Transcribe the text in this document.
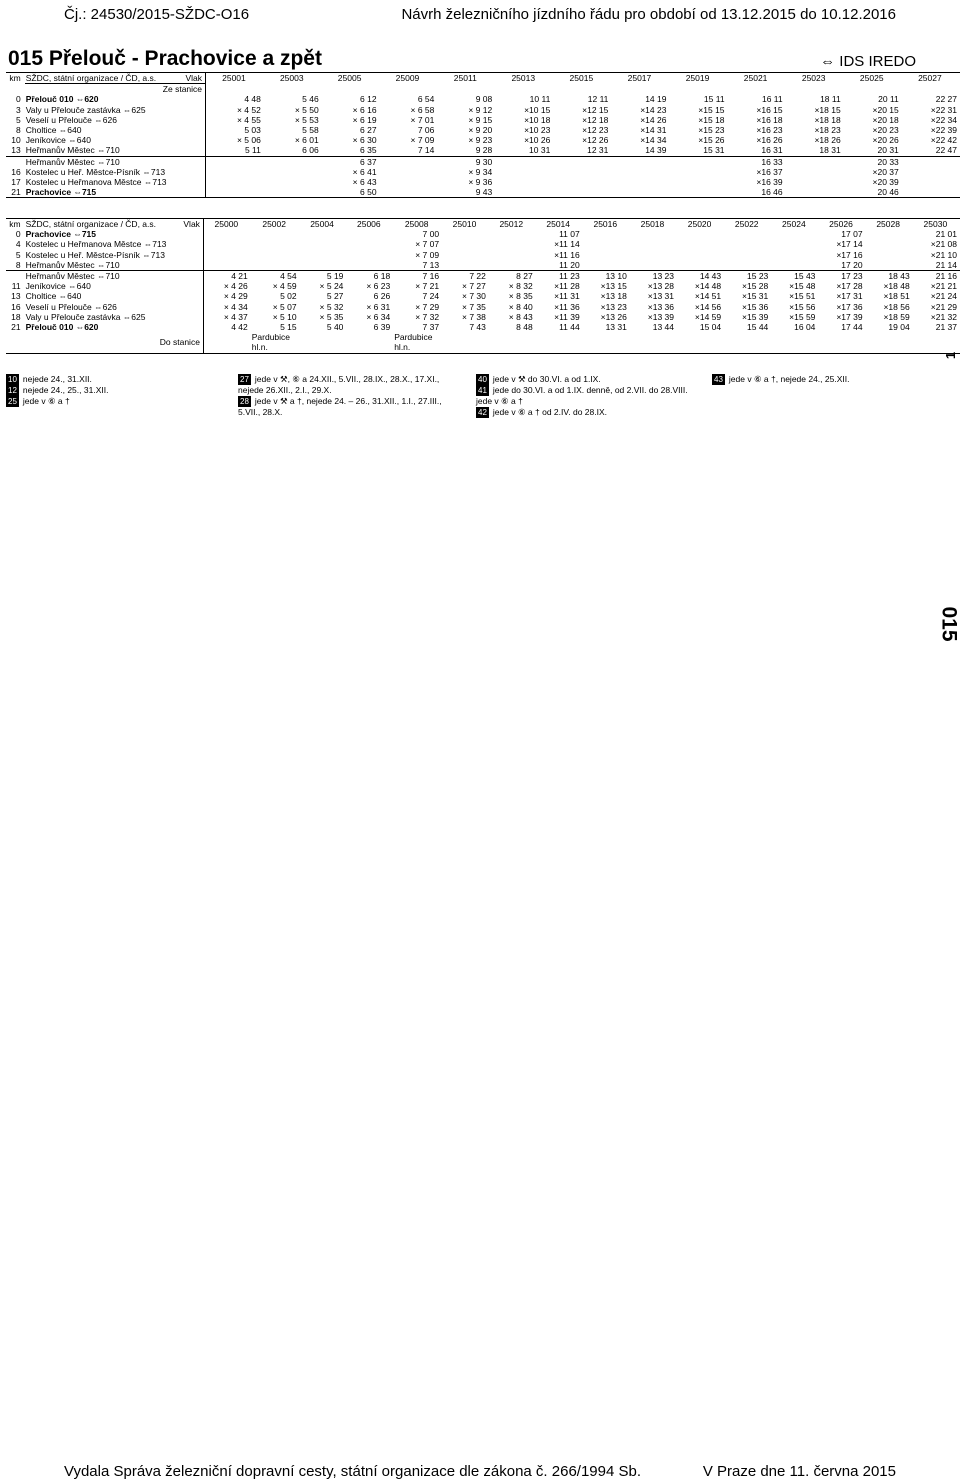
Čj.: 24530/2015-SŽDC-O16	Návrh železničního jízdního řádu pro období od 13.12.2015 do 10.12.2016
015 Přelouč - Prachovice a zpět	⇔ IDS IREDO
km	SŽDC, státní organizace / ČD, a.s. Vlak	25001	25003	25005	25009	25011	25013	25015	25017	25019	25021	25023	25025	25027
	Ze stanice													
0	Přelouč 010 ⇔620	4 48	5 46	6 12	6 54	9 08	10 11	12 11	14 19	15 11	16 11	18 11	20 11	22 27
3	Valy u Přelouče zastávka ⇔625	× 4 52	× 5 50	× 6 16	× 6 58	× 9 12	×10 15	×12 15	×14 23	×15 15	×16 15	×18 15	×20 15	×22 31
5	Veselí u Přelouče ⇔626	× 4 55	× 5 53	× 6 19	× 7 01	× 9 15	×10 18	×12 18	×14 26	×15 18	×16 18	×18 18	×20 18	×22 34
8	Choltice ⇔640	5 03	5 58	6 27	7 06	× 9 20	×10 23	×12 23	×14 31	×15 23	×16 23	×18 23	×20 23	×22 39
10	Jeníkovice ⇔640	× 5 06	× 6 01	× 6 30	× 7 09	× 9 23	×10 26	×12 26	×14 34	×15 26	×16 26	×18 26	×20 26	×22 42
13	Heřmanův Městec ⇔710	5 11	6 06	6 35	7 14	9 28	10 31	12 31	14 39	15 31	16 31	18 31	20 31	22 47
	Heřmanův Městec ⇔710			6 37		9 30					16 33		20 33	
16	Kostelec u Heř. Městce-Písník ⇔713			× 6 41		× 9 34					×16 37		×20 37	
17	Kostelec u Heřmanova Městce ⇔713			× 6 43		× 9 36					×16 39		×20 39	
21	Prachovice ⇔715			6 50		9 43					16 46		20 46	
km	SŽDC, státní organizace / ČD, a.s. Vlak	25000	25002	25004	25006	25008	25010	25012	25014	25016	25018	25020	25022	25024	25026	25028	25030
0	Prachovice ⇔715					7 00			11 07						17 07		21 01
4	Kostelec u Heřmanova Městce ⇔713					× 7 07			×11 14						×17 14		×21 08
5	Kostelec u Heř. Městce-Písník ⇔713					× 7 09			×11 16						×17 16		×21 10
8	Heřmanův Městec ⇔710					7 13			11 20						17 20		21 14
	Heřmanův Městec ⇔710	4 21	4 54	5 19	6 18	7 16	7 22	8 27	11 23	13 10	13 23	14 43	15 23	15 43	17 23	18 43	21 16
11	Jeníkovice ⇔640	× 4 26	× 4 59	× 5 24	× 6 23	× 7 21	× 7 27	× 8 32	×11 28	×13 15	×13 28	×14 48	×15 28	×15 48	×17 28	×18 48	×21 21
13	Choltice ⇔640	× 4 29	5 02	5 27	6 26	7 24	× 7 30	× 8 35	×11 31	×13 18	×13 31	×14 51	×15 31	×15 51	×17 31	×18 51	×21 24
16	Veselí u Přelouče ⇔626	× 4 34	× 5 07	× 5 32	× 6 31	× 7 29	× 7 35	× 8 40	×11 36	×13 23	×13 36	×14 56	×15 36	×15 56	×17 36	×18 56	×21 29
18	Valy u Přelouče zastávka ⇔625	× 4 37	× 5 10	× 5 35	× 6 34	× 7 32	× 7 38	× 8 43	×11 39	×13 26	×13 39	×14 59	×15 39	×15 59	×17 39	×18 59	×21 32
21	Přelouč 010 ⇔620	4 42	5 15	5 40	6 39	7 37	7 43	8 48	11 44	13 31	13 44	15 04	15 44	16 04	17 44	19 04	21 37

	Do stanice		Pardubice hl.n.			Pardubice hl.n.											
10 nejede 24., 31.XII.
12 nejede 24., 25., 31.XII.
25 jede v ⑥ a †
27 jede v ⚒, ⑥ a 24.XII., 5.VII., 28.IX., 28.X., 17.XI., nejede 26.XII., 2.I., 29.X.
28 jede v ⚒ a †, nejede 24. – 26., 31.XII., 1.I., 27.III., 5.VII., 28.X.
40 jede v ⚒ do 30.VI. a od 1.IX.
41 jede do 30.VI. a od 1.IX. denně, od 2.VII. do 28.VIII. jede v ⑥ a †
42 jede v ⑥ a † od 2.IV. do 28.IX.
43 jede v ⑥ a †, nejede 24., 25.XII.
1
015
Vydala Správa železniční dopravní cesty, státní organizace dle zákona č. 266/1994 Sb.	V Praze dne 11. června 2015
